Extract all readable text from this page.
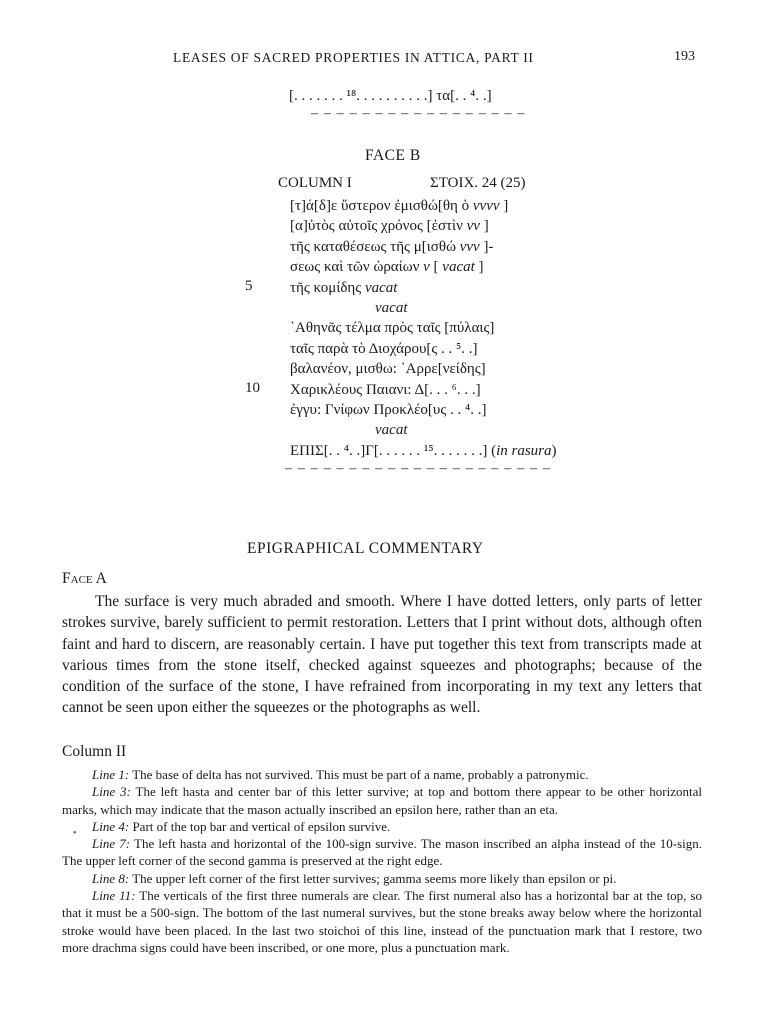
LEASES OF SACRED PROPERTIES IN ATTICA, PART II	193
[. . . . . . . ¹⁸. . . . . . . . . .] τα[. . ⁴. .]
– – – – – – – – – – – – – – – – –
FACE B
COLUMN I	ΣΤΟΙΧ. 24 (25)
[τ]ά[δ]ε ὕστερον ἐμισθώ[θη ὁ vvvv ]
[α]ὐτὸς αὐτοῖς χρόνος [ἐστὶν vv ]
τῆς καταθέσεως τῆς μ[ισθώ vvv ]-
σεως καὶ τῶν ὡραίων v [ vacat ]
τῆς κομίδης vacat
vacat
᾿Αθηνᾶς τέλμα πρὸς ταῖς [πύλαις]
ταῖς παρὰ τὸ Διοχάρου[ς . . ⁵. .]
βαλανέον, μισθω: ᾿Αρρε[νείδης]
Χαρικλέους Παιανι: Δ[. . . ⁶. . .]
ἐγγυ: Γνίφων Προκλέο[υς . . ⁴. .]
vacat
ΕΠΙΣ[. . ⁴. .]Γ[. . . . . . ¹⁵. . . . . . .] (in rasura)
5
10
– – – – – – – – – – – – – – – – – – – – –
EPIGRAPHICAL COMMENTARY
Face A

The surface is very much abraded and smooth. Where I have dotted letters, only parts of letter strokes survive, barely sufficient to permit restoration. Letters that I print without dots, although often faint and hard to discern, are reasonably certain. I have put together this text from transcripts made at various times from the stone itself, checked against squeezes and photographs; because of the condition of the surface of the stone, I have refrained from incorporating in my text any letters that cannot be seen upon either the squeezes or the photographs as well.

Column II

Line 1: The base of delta has not survived. This must be part of a name, probably a patronymic.

Line 3: The left hasta and center bar of this letter survive; at top and bottom there appear to be other horizontal marks, which may indicate that the mason actually inscribed an epsilon here, rather than an eta.

Line 4: Part of the top bar and vertical of epsilon survive.

Line 7: The left hasta and horizontal of the 100-sign survive. The mason inscribed an alpha instead of the 10-sign. The upper left corner of the second gamma is preserved at the right edge.

Line 8: The upper left corner of the first letter survives; gamma seems more likely than epsilon or pi.

Line 11: The verticals of the first three numerals are clear. The first numeral also has a horizontal bar at the top, so that it must be a 500-sign. The bottom of the last numeral survives, but the stone breaks away below where the horizontal stroke would have been placed. In the last two stoichoi of this line, instead of the punctuation mark that I restore, two more drachma signs could have been inscribed, or one more, plus a punctuation mark.

•
